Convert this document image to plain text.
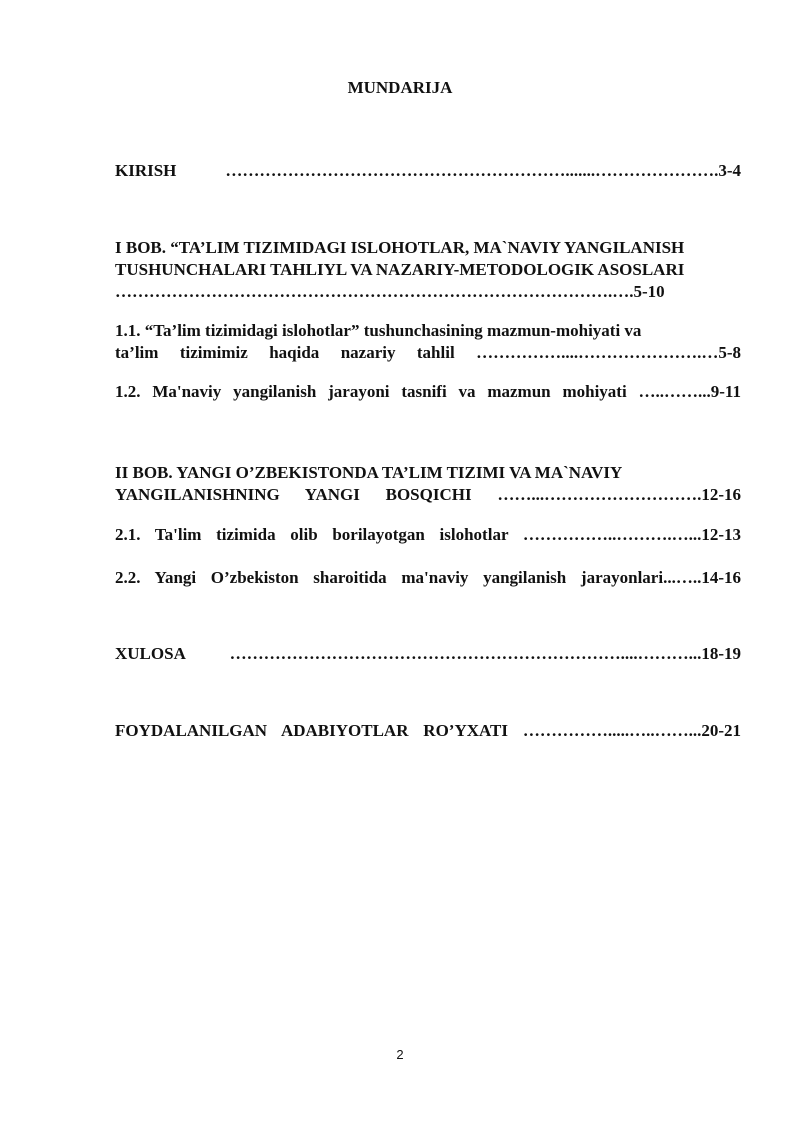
MUNDARIJA
KIRISH …………………………………………………….......………………….3-4
I BOB. “TA’LIM TIZIMIDAGI ISLOHOTLAR, MA`NAVIY YANGILANISH
TUSHUNCHALARI TAHLIYL VA NAZARIY-METODOLOGIK ASOSLARI
…………………………………………………………………………….….5-10
1.1. “Ta’lim tizimidagi islohotlar” tushunchasining mazmun-mohiyati va
ta’lim tizimimiz haqida nazariy tahlil ……………....………………….…5-8
1.2. Ma'naviy yangilanish jarayoni tasnifi va mazmun mohiyati …..……...9-11
II BOB. YANGI O’ZBEKISTONDA TA’LIM TIZIMI VA MA`NAVIY
YANGILANISHNING YANGI BOSQICHI ……...……………………….12-16
2.1. Ta'lim tizimida olib borilayotgan islohotlar ……………..……….…...12-13
2.2. Yangi O’zbekiston sharoitida ma'naviy yangilanish jarayonlari...…..14-16
XULOSA ……………………………………………………………....………...18-19
FOYDALANILGAN ADABIYOTLAR RO’YXATI …………….....…..……...20-21
2
